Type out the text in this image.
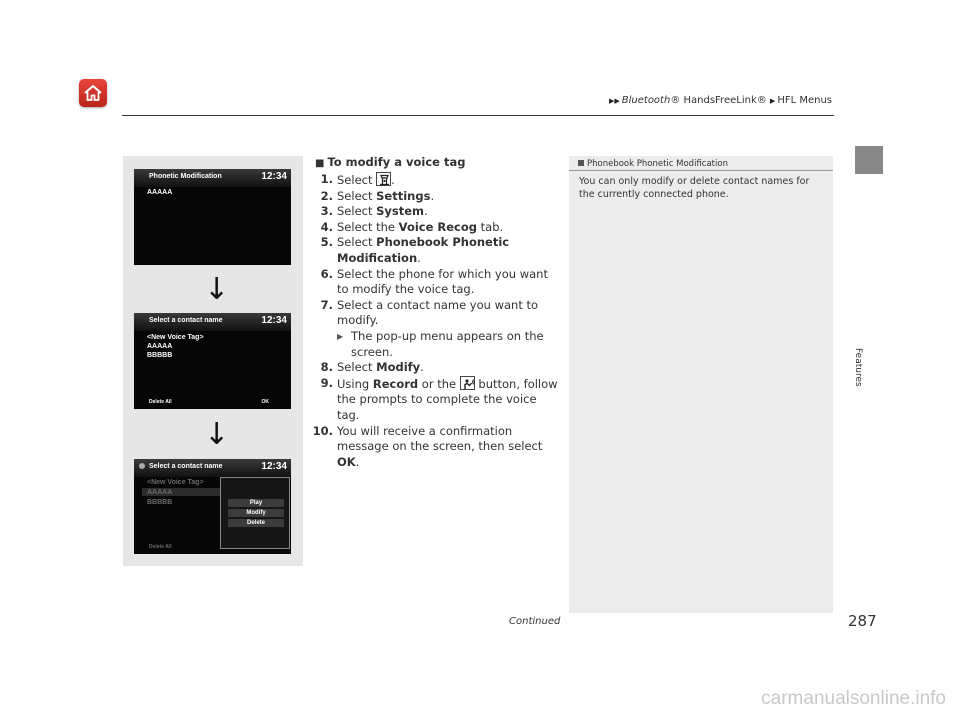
▶▶ Bluetooth® HandsFreeLink® ▶ HFL Menus
Features
Phonetic Modification	12:34
AAAAA
↓
Select a contact name	12:34
<New Voice Tag>
AAAAA
BBBBB
Delete All	OK
↓
Select a contact name	12:34
<New Voice Tag>
AAAAA
BBBBB
Delete All
Play
Modify
Delete
■ To modify a voice tag
1. Select
.
2. Select Settings.
3. Select System.
4. Select the Voice Recog tab.
5. Select Phonebook Phonetic Modification.
6. Select the phone for which you want to modify the voice tag.
7. Select a contact name you want to modify.
▶ The pop-up menu appears on the screen.
8. Select Modify.
9. Using Record or the
button, follow the prompts to complete the voice tag.
10. You will receive a confirmation message on the screen, then select OK.
Phonebook Phonetic Modification
You can only modify or delete contact names for the currently connected phone.
Continued	287
carmanualsonline.info
